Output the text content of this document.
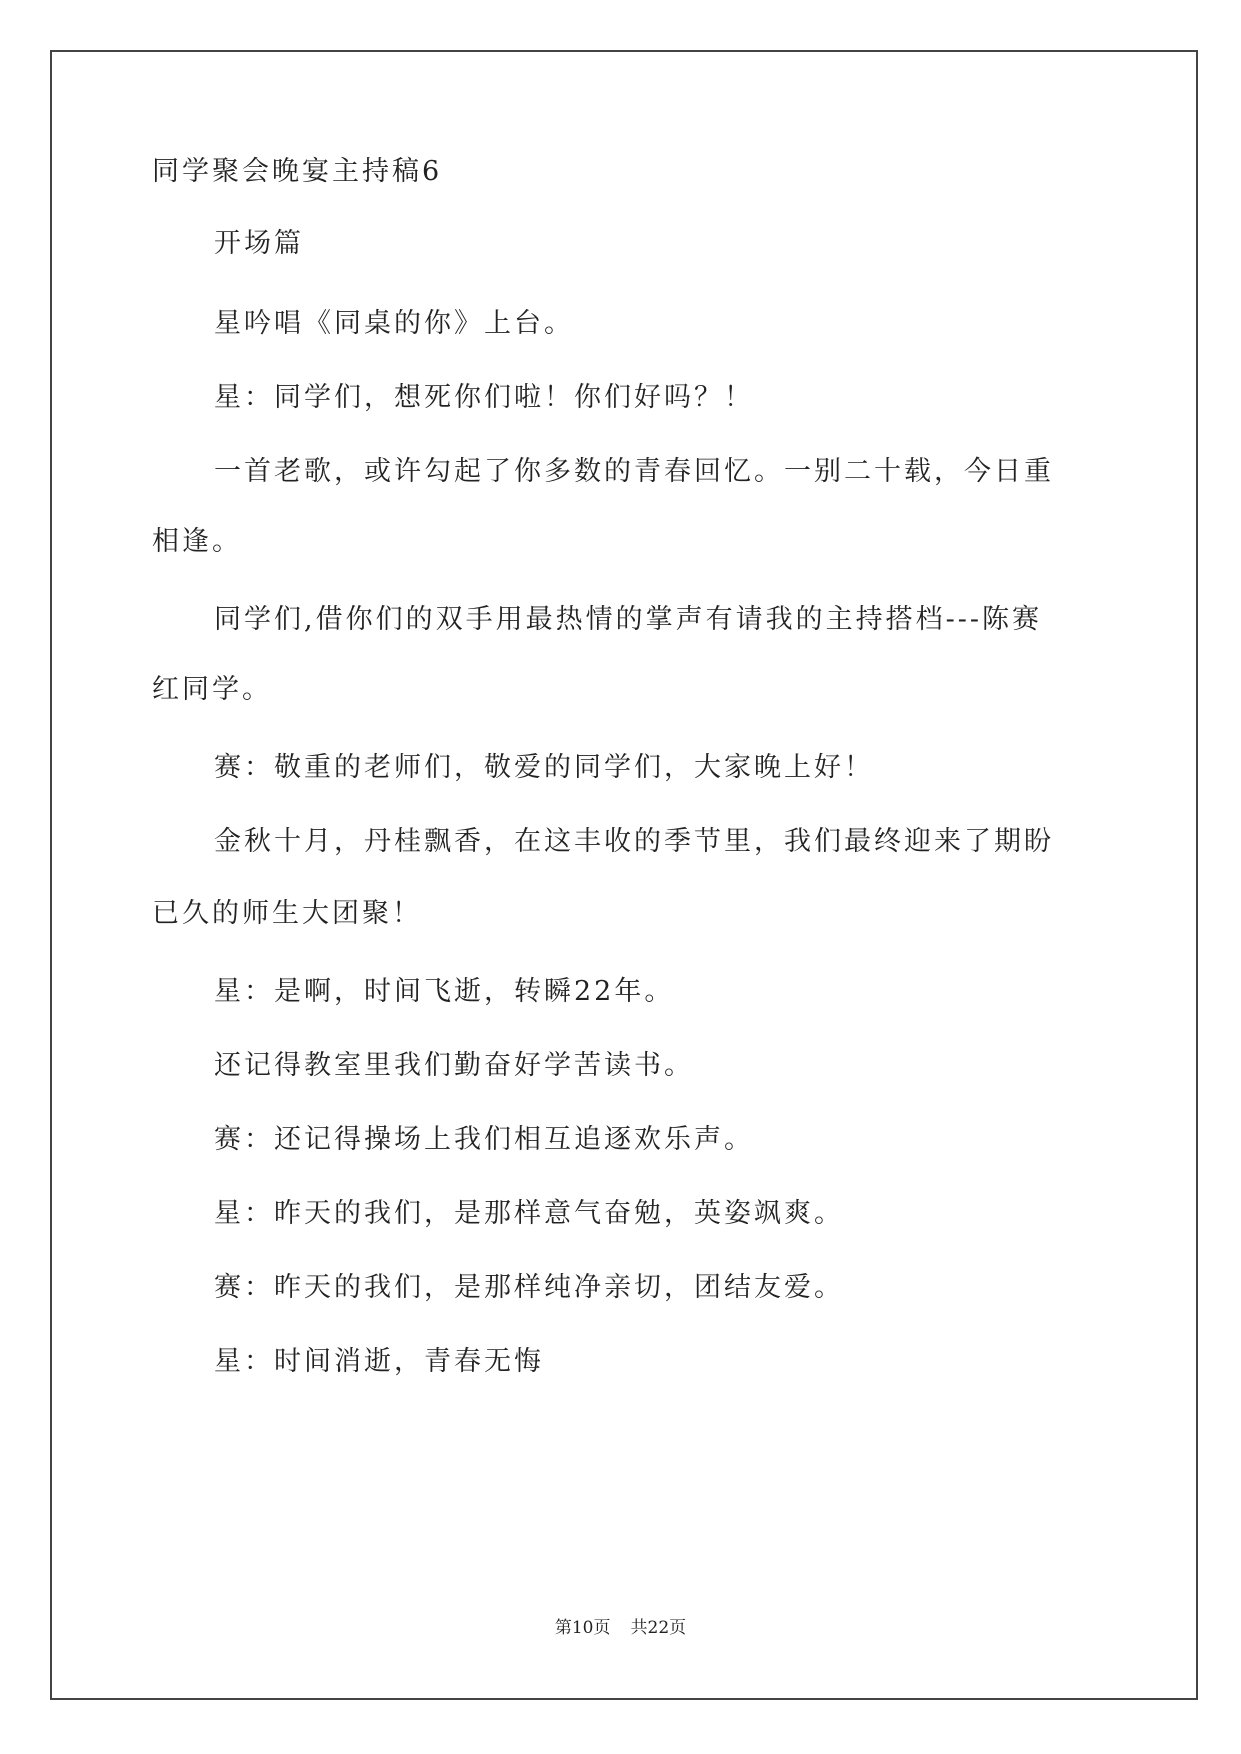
同学聚会晚宴主持稿6

开场篇

星吟唱《同桌的你》上台。

星：同学们，想死你们啦！你们好吗？！

一首老歌，或许勾起了你多数的青春回忆。一别二十载，今日重

相逢。

同学们,借你们的双手用最热情的掌声有请我的主持搭档---陈赛

红同学。

赛：敬重的老师们，敬爱的同学们，大家晚上好！

金秋十月，丹桂飘香，在这丰收的季节里，我们最终迎来了期盼

已久的师生大团聚！

星：是啊，时间飞逝，转瞬22年。

还记得教室里我们勤奋好学苦读书。

赛：还记得操场上我们相互追逐欢乐声。

星：昨天的我们，是那样意气奋勉，英姿飒爽。

赛：昨天的我们，是那样纯净亲切，团结友爱。

星：时间消逝，青春无悔

第10页 共22页
